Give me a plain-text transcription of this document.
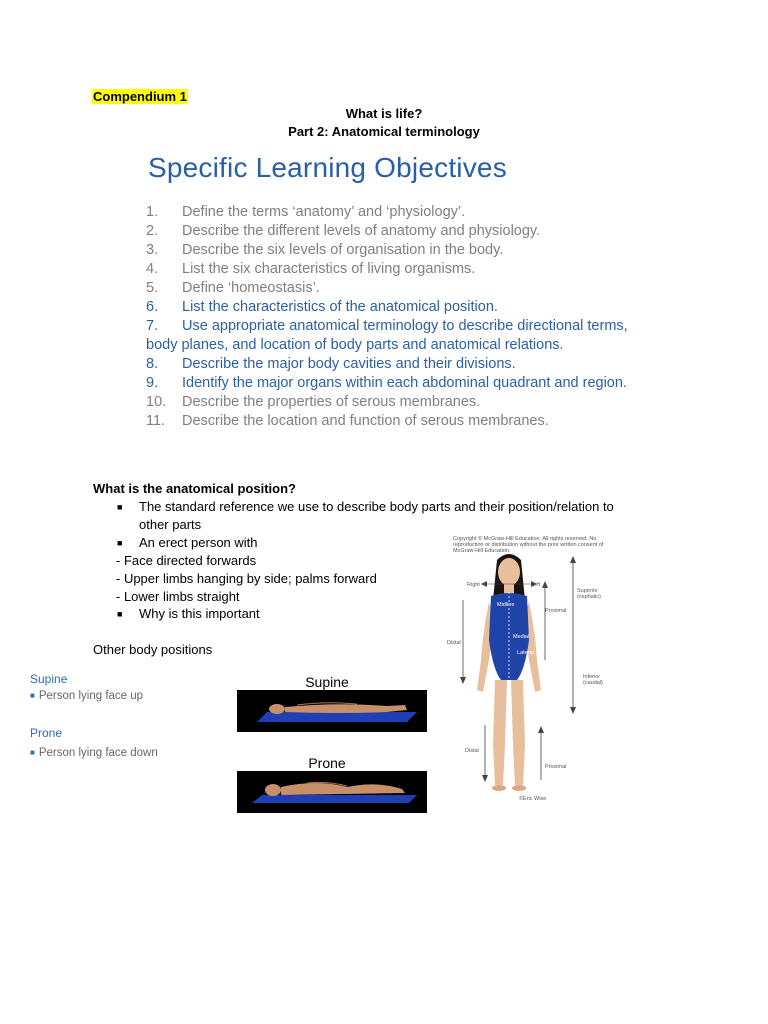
Compendium 1
What is life?
Part 2: Anatomical terminology
Specific Learning Objectives
1. Define the terms ‘anatomy’ and ‘physiology’.
2. Describe the different levels of anatomy and physiology.
3. Describe the six levels of organisation in the body.
4. List the six characteristics of living organisms.
5. Define ‘homeostasis’.
6. List the characteristics of the anatomical position.
7. Use appropriate anatomical terminology to describe directional terms, body planes, and location of body parts and anatomical relations.
8. Describe the major body cavities and their divisions.
9. Identify the major organs within each abdominal quadrant and region.
10. Describe the properties of serous membranes.
11. Describe the location and function of serous membranes.
What is the anatomical position?
■ The standard reference we use to describe body parts and their position/relation to
other parts
■ An erect person with
- Face directed forwards
- Upper limbs hanging by side; palms forward
- Lower limbs straight
■ Why is this important
Copyright © McGraw-Hill Education. All rights reserved. No reproduction or distribution without the prior written consent of McGraw-Hill Education.
Right	Left
Midline
Superior (cephalic)
Proximal
Distal
Medial
Lateral
Inferior (caudal)
Distal
Proximal
©Eric Wise
Other body positions
Supine
■ Person lying face up
Prone
■ Person lying face down
Supine
Prone
